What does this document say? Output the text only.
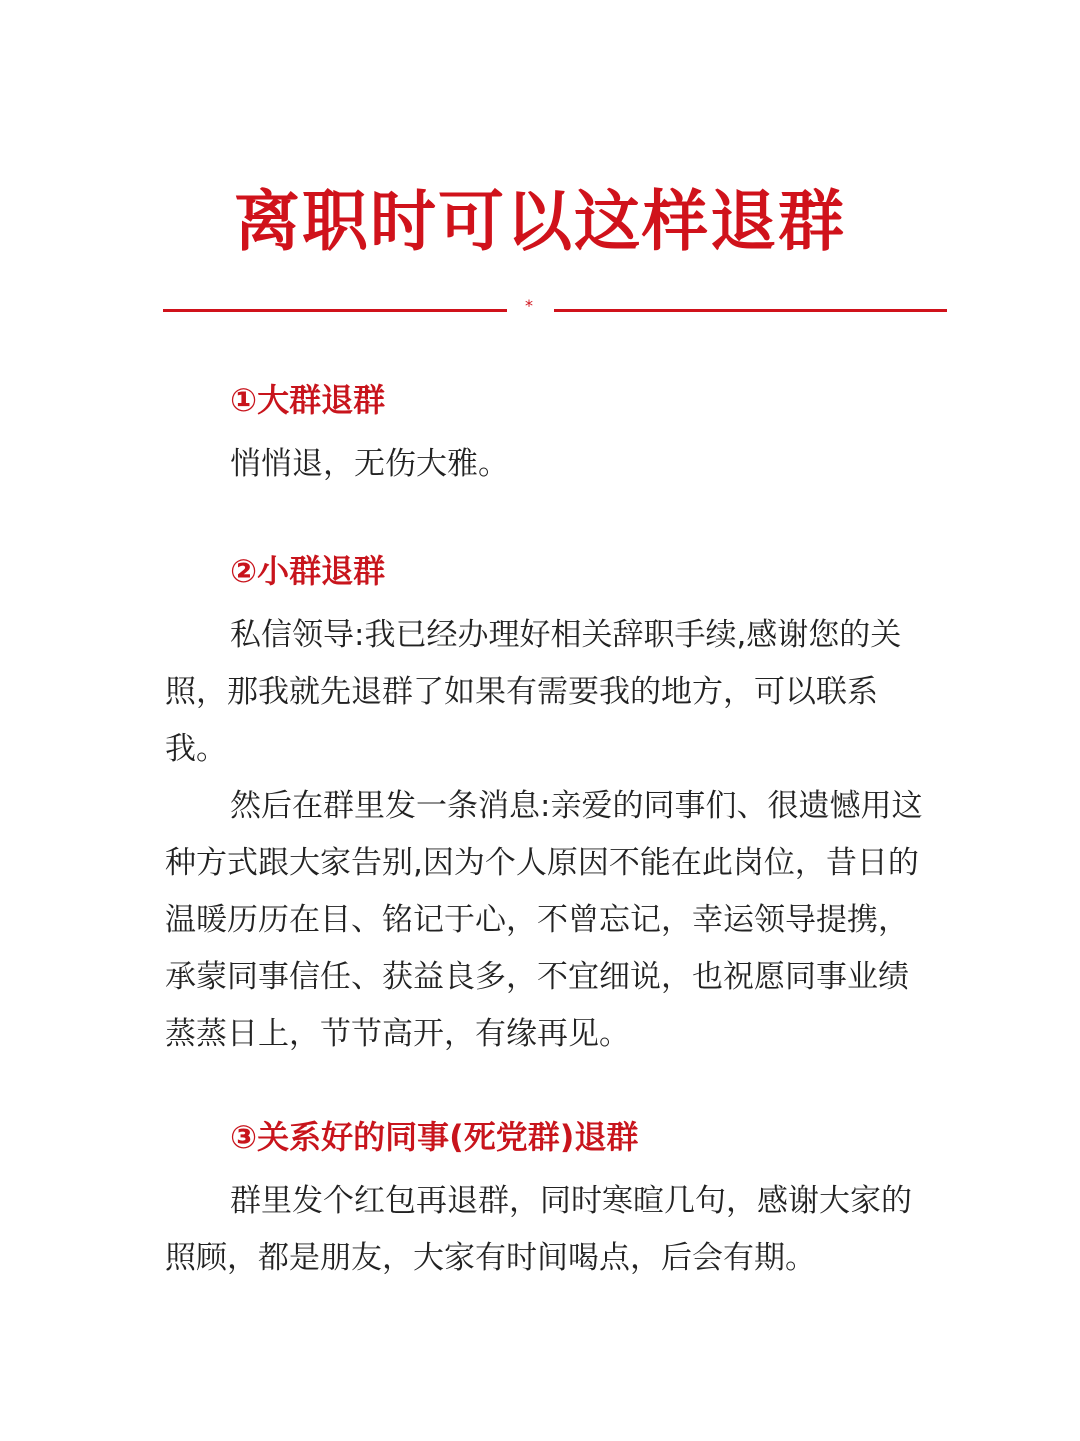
离职时可以这样退群
*
①大群退群

悄悄退，无伤大雅。

②小群退群

私信领导:我已经办理好相关辞职手续,感谢您的关照，那我就先退群了如果有需要我的地方，可以联系我。

然后在群里发一条消息:亲爱的同事们、很遗憾用这种方式跟大家告别,因为个人原因不能在此岗位，昔日的温暖历历在目、铭记于心，不曾忘记，幸运领导提携，承蒙同事信任、获益良多，不宜细说，也祝愿同事业绩蒸蒸日上，节节高开，有缘再见。

③关系好的同事(死党群)退群

群里发个红包再退群，同时寒暄几句，感谢大家的照顾，都是朋友，大家有时间喝点，后会有期。
